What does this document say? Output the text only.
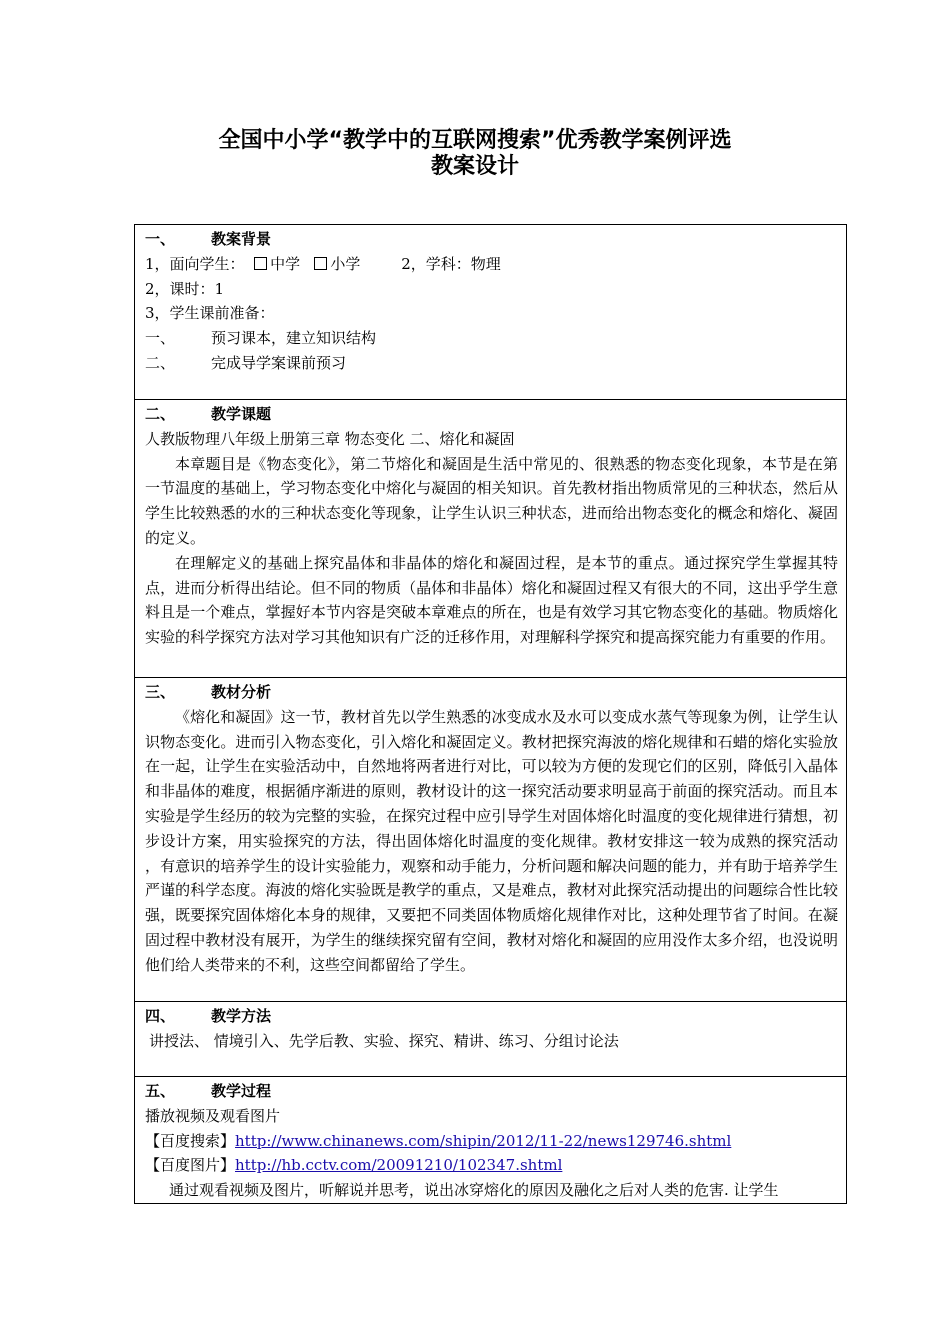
全国中小学“教学中的互联网搜索”优秀教学案例评选
教案设计
一、 教案背景
1，面向学生： 中学 小学	2，学科：物理
2，课时：1
3，学生课前准备：
一、 预习课本，建立知识结构
二、 完成导学案课前预习
二、 教学课题
人教版物理八年级上册第三章 物态变化 二、熔化和凝固
本章题目是《物态变化》，第二节熔化和凝固是生活中常见的、很熟悉的物态变化现象，本节是在第一节温度的基础上，学习物态变化中熔化与凝固的相关知识。首先教材指出物质常见的三种状态，然后从学生比较熟悉的水的三种状态变化等现象，让学生认识三种状态，进而给出物态变化的概念和熔化、凝固的定义。
在理解定义的基础上探究晶体和非晶体的熔化和凝固过程，是本节的重点。通过探究学生掌握其特点，进而分析得出结论。但不同的物质（晶体和非晶体）熔化和凝固过程又有很大的不同，这出乎学生意料且是一个难点，掌握好本节内容是突破本章难点的所在，也是有效学习其它物态变化的基础。物质熔化实验的科学探究方法对学习其他知识有广泛的迁移作用，对理解科学探究和提高探究能力有重要的作用。
三、 教材分析
《熔化和凝固》这一节，教材首先以学生熟悉的冰变成水及水可以变成水蒸气等现象为例，让学生认识物态变化。进而引入物态变化，引入熔化和凝固定义。教材把探究海波的熔化规律和石蜡的熔化实验放在一起，让学生在实验活动中，自然地将两者进行对比，可以较为方便的发现它们的区别，降低引入晶体和非晶体的难度，根据循序渐进的原则，教材设计的这一探究活动要求明显高于前面的探究活动。而且本实验是学生经历的较为完整的实验，在探究过程中应引导学生对固体熔化时温度的变化规律进行猜想，初步设计方案，用实验探究的方法，得出固体熔化时温度的变化规律。教材安排这一较为成熟的探究活动 ，有意识的培养学生的设计实验能力，观察和动手能力，分析问题和解决问题的能力，并有助于培养学生严谨的科学态度。海波的熔化实验既是教学的重点，又是难点，教材对此探究活动提出的问题综合性比较强，既要探究固体熔化本身的规律，又要把不同类固体物质熔化规律作对比，这种处理节省了时间。在凝固过程中教材没有展开，为学生的继续探究留有空间，教材对熔化和凝固的应用没作太多介绍，也没说明他们给人类带来的不利，这些空间都留给了学生。
四、 教学方法
讲授法、 情境引入、先学后教、实验、探究、精讲、练习、分组讨论法
五、 教学过程
播放视频及观看图片
【百度搜索】http://www.chinanews.com/shipin/2012/11-22/news129746.shtml
【百度图片】http://hb.cctv.com/20091210/102347.shtml
通过观看视频及图片，听解说并思考，说出冰穿熔化的原因及融化之后对人类的危害. 让学生
